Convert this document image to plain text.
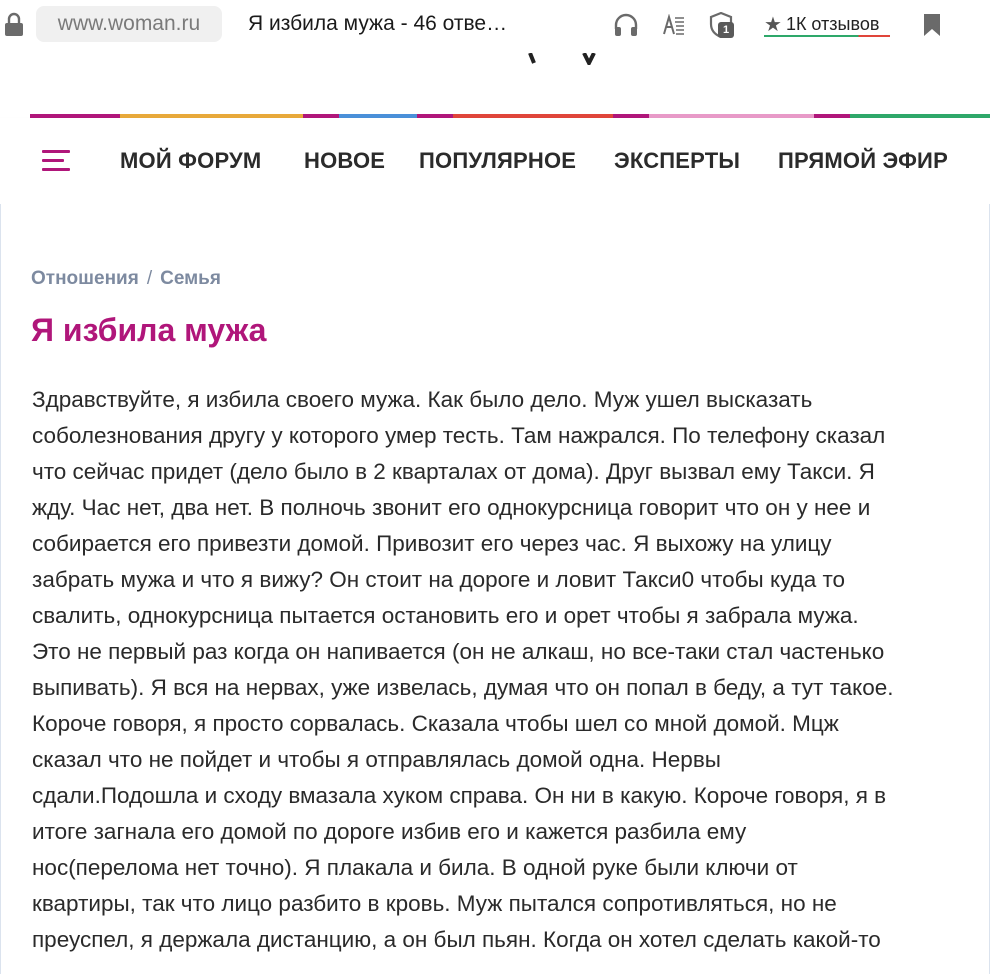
www.woman.ru Я избила мужа - 46 отве…	1 ★ 1К отзывов
МОЙ ФОРУМ НОВОЕ ПОПУЛЯРНОЕ ЭКСПЕРТЫ ПРЯМОЙ ЭФИР
Отношения / Семья
Я избила мужа
Здравствуйте, я избила своего мужа. Как было дело. Муж ушел высказать
соболезнования другу у которого умер тесть. Там нажрался. По телефону сказал
что сейчас придет (дело было в 2 кварталах от дома). Друг вызвал ему Такси. Я
жду. Час нет, два нет. В полночь звонит его однокурсница говорит что он у нее и
собирается его привезти домой. Привозит его через час. Я выхожу на улицу
забрать мужа и что я вижу? Он стоит на дороге и ловит Такси0 чтобы куда то
свалить, однокурсница пытается остановить его и орет чтобы я забрала мужа.
Это не первый раз когда он напивается (он не алкаш, но все-таки стал частенько
выпивать). Я вся на нервах, уже извелась, думая что он попал в беду, а тут такое.
Короче говоря, я просто сорвалась. Сказала чтобы шел со мной домой. Мцж
сказал что не пойдет и чтобы я отправлялась домой одна. Нервы
сдали.Подошла и сходу вмазала хуком справа. Он ни в какую. Короче говоря, я в
итоге загнала его домой по дороге избив его и кажется разбила ему
нос(перелома нет точно). Я плакала и била. В одной руке были ключи от
квартиры, так что лицо разбито в кровь. Муж пытался сопротивляться, но не
преуспел, я держала дистанцию, а он был пьян. Когда он хотел сделать какой-то
